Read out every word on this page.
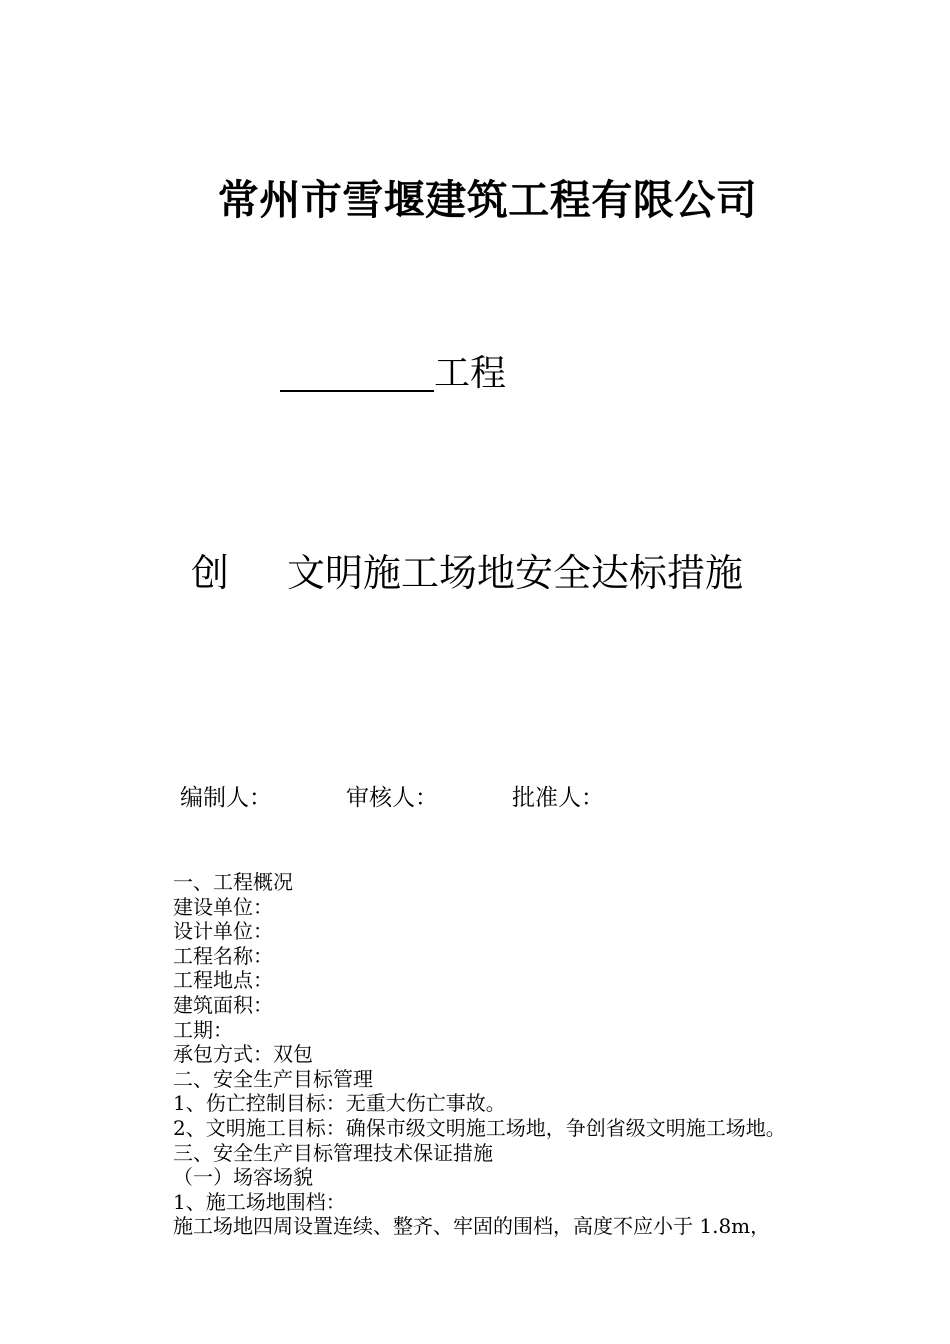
常州市雪堰建筑工程有限公司
工程
创 文明施工场地安全达标措施
编制人：	审核人：	批准人：
一、工程概况
建设单位：
设计单位：
工程名称：
工程地点：
建筑面积：
工期：
承包方式：双包
二、安全生产目标管理
1、伤亡控制目标：无重大伤亡事故。
2、文明施工目标：确保市级文明施工场地，争创省级文明施工场地。
三、安全生产目标管理技术保证措施
（一）场容场貌
1、施工场地围档：
施工场地四周设置连续、整齐、牢固的围档，高度不应小于 1.8m，
